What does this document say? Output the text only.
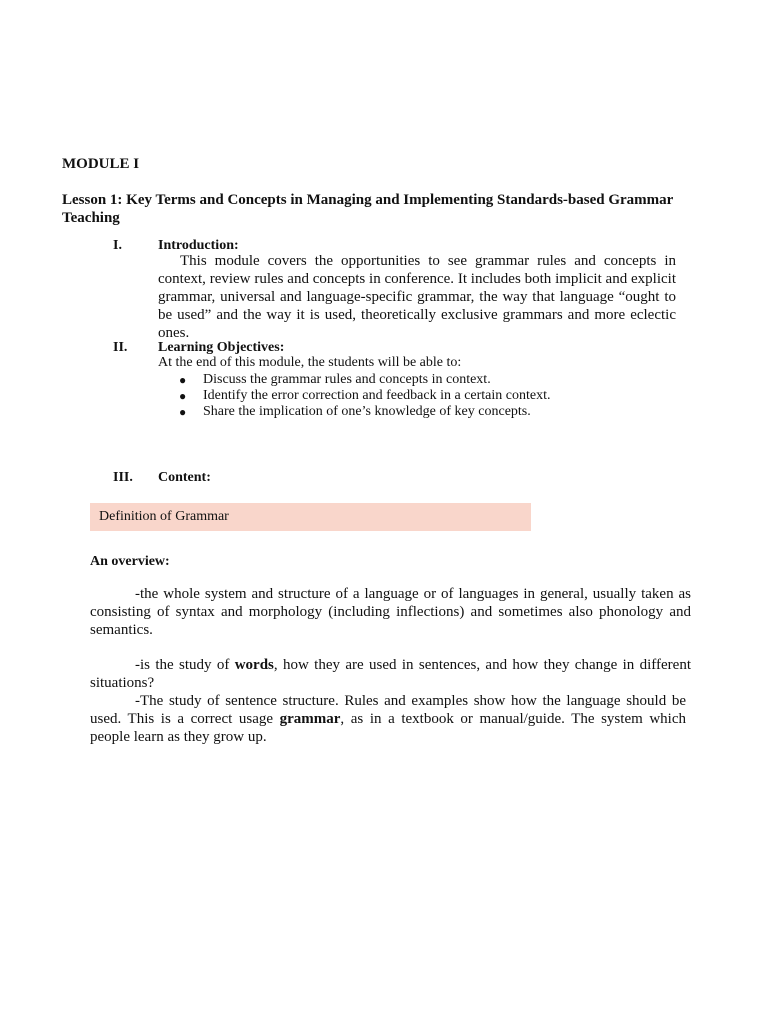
MODULE I
Lesson 1: Key Terms and Concepts in Managing and Implementing Standards-based Grammar Teaching
I.	Introduction:
This module covers the opportunities to see grammar rules and concepts in context, review rules and concepts in conference. It includes both implicit and explicit grammar, universal and language-specific grammar, the way that language “ought to be used” and the way it is used, theoretically exclusive grammars and more eclectic ones.
II. Learning Objectives:
At the end of this module, the students will be able to:
● Discuss the grammar rules and concepts in context.
● Identify the error correction and feedback in a certain context.
● Share the implication of one’s knowledge of key concepts.
III. Content:
Definition of Grammar
An overview:
-the whole system and structure of a language or of languages in general, usually taken as consisting of syntax and morphology (including inflections) and sometimes also phonology and semantics.
-is the study of words, how they are used in sentences, and how they change in different situations?
-The study of sentence structure. Rules and examples show how the language should be used. This is a correct usage grammar, as in a textbook or manual/guide. The system which people learn as they grow up.
